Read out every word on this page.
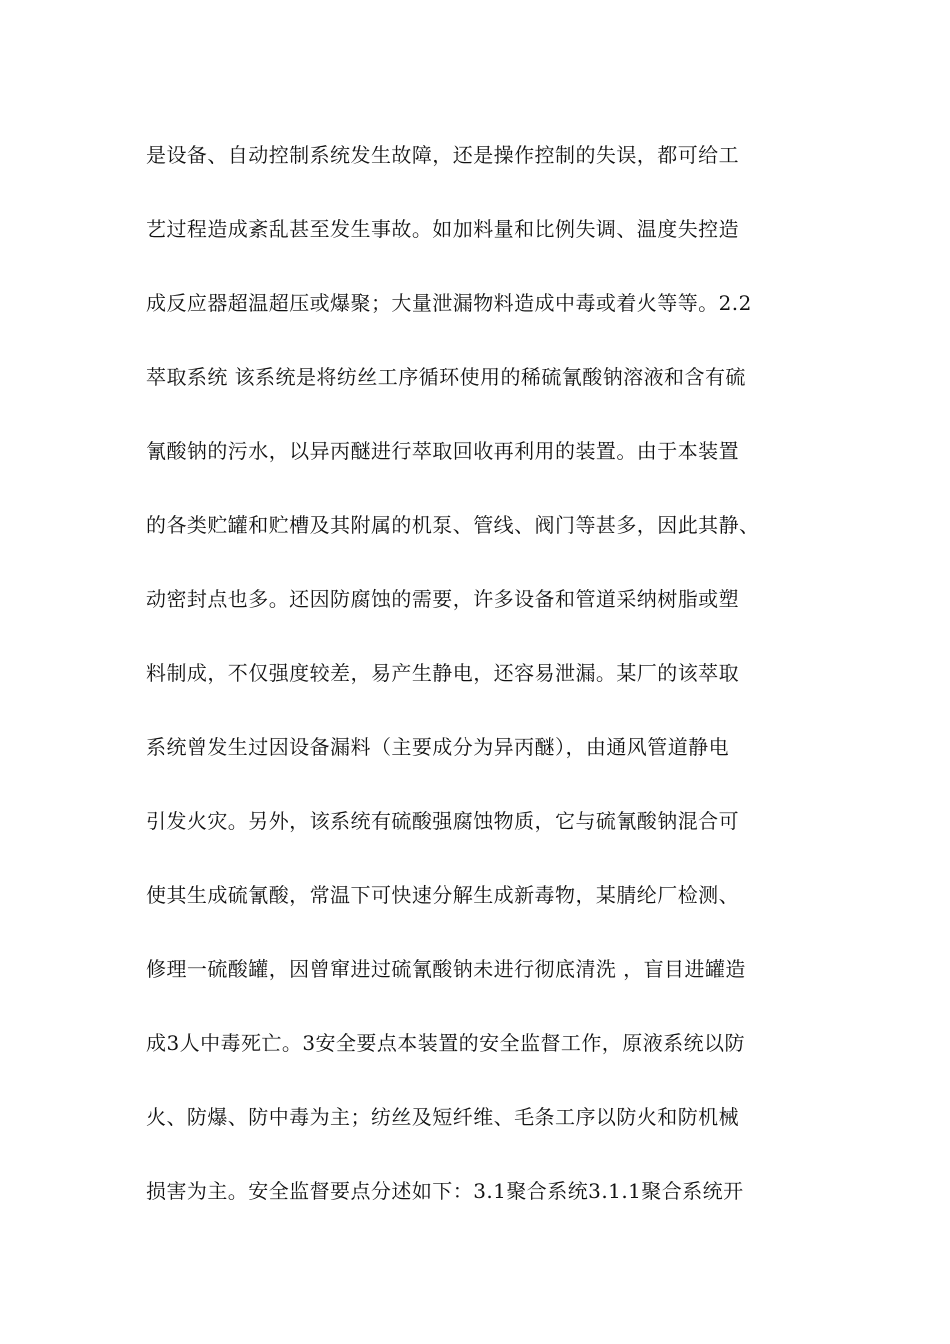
是设备、自动控制系统发生故障，还是操作控制的失误，都可给工
艺过程造成紊乱甚至发生事故。如加料量和比例失调、温度失控造
成反应器超温超压或爆聚；大量泄漏物料造成中毒或着火等等。2.2
萃取系统 该系统是将纺丝工序循环使用的稀硫氰酸钠溶液和含有硫
氰酸钠的污水，以异丙醚进行萃取回收再利用的装置。由于本装置
的各类贮罐和贮槽及其附属的机泵、管线、阀门等甚多，因此其静、
动密封点也多。还因防腐蚀的需要，许多设备和管道采纳树脂或塑
料制成，不仅强度较差，易产生静电，还容易泄漏。某厂的该萃取
系统曾发生过因设备漏料（主要成分为异丙醚），由通风管道静电
引发火灾。另外，该系统有硫酸强腐蚀物质，它与硫氰酸钠混合可
使其生成硫氰酸，常温下可快速分解生成新毒物，某腈纶厂检测、
修理一硫酸罐，因曾窜进过硫氰酸钠未进行彻底清洗 ，盲目进罐造
成3人中毒死亡。3安全要点本装置的安全监督工作，原液系统以防
火、防爆、防中毒为主；纺丝及短纤维、毛条工序以防火和防机械
损害为主。安全监督要点分述如下：3.1聚合系统3.1.1聚合系统开
